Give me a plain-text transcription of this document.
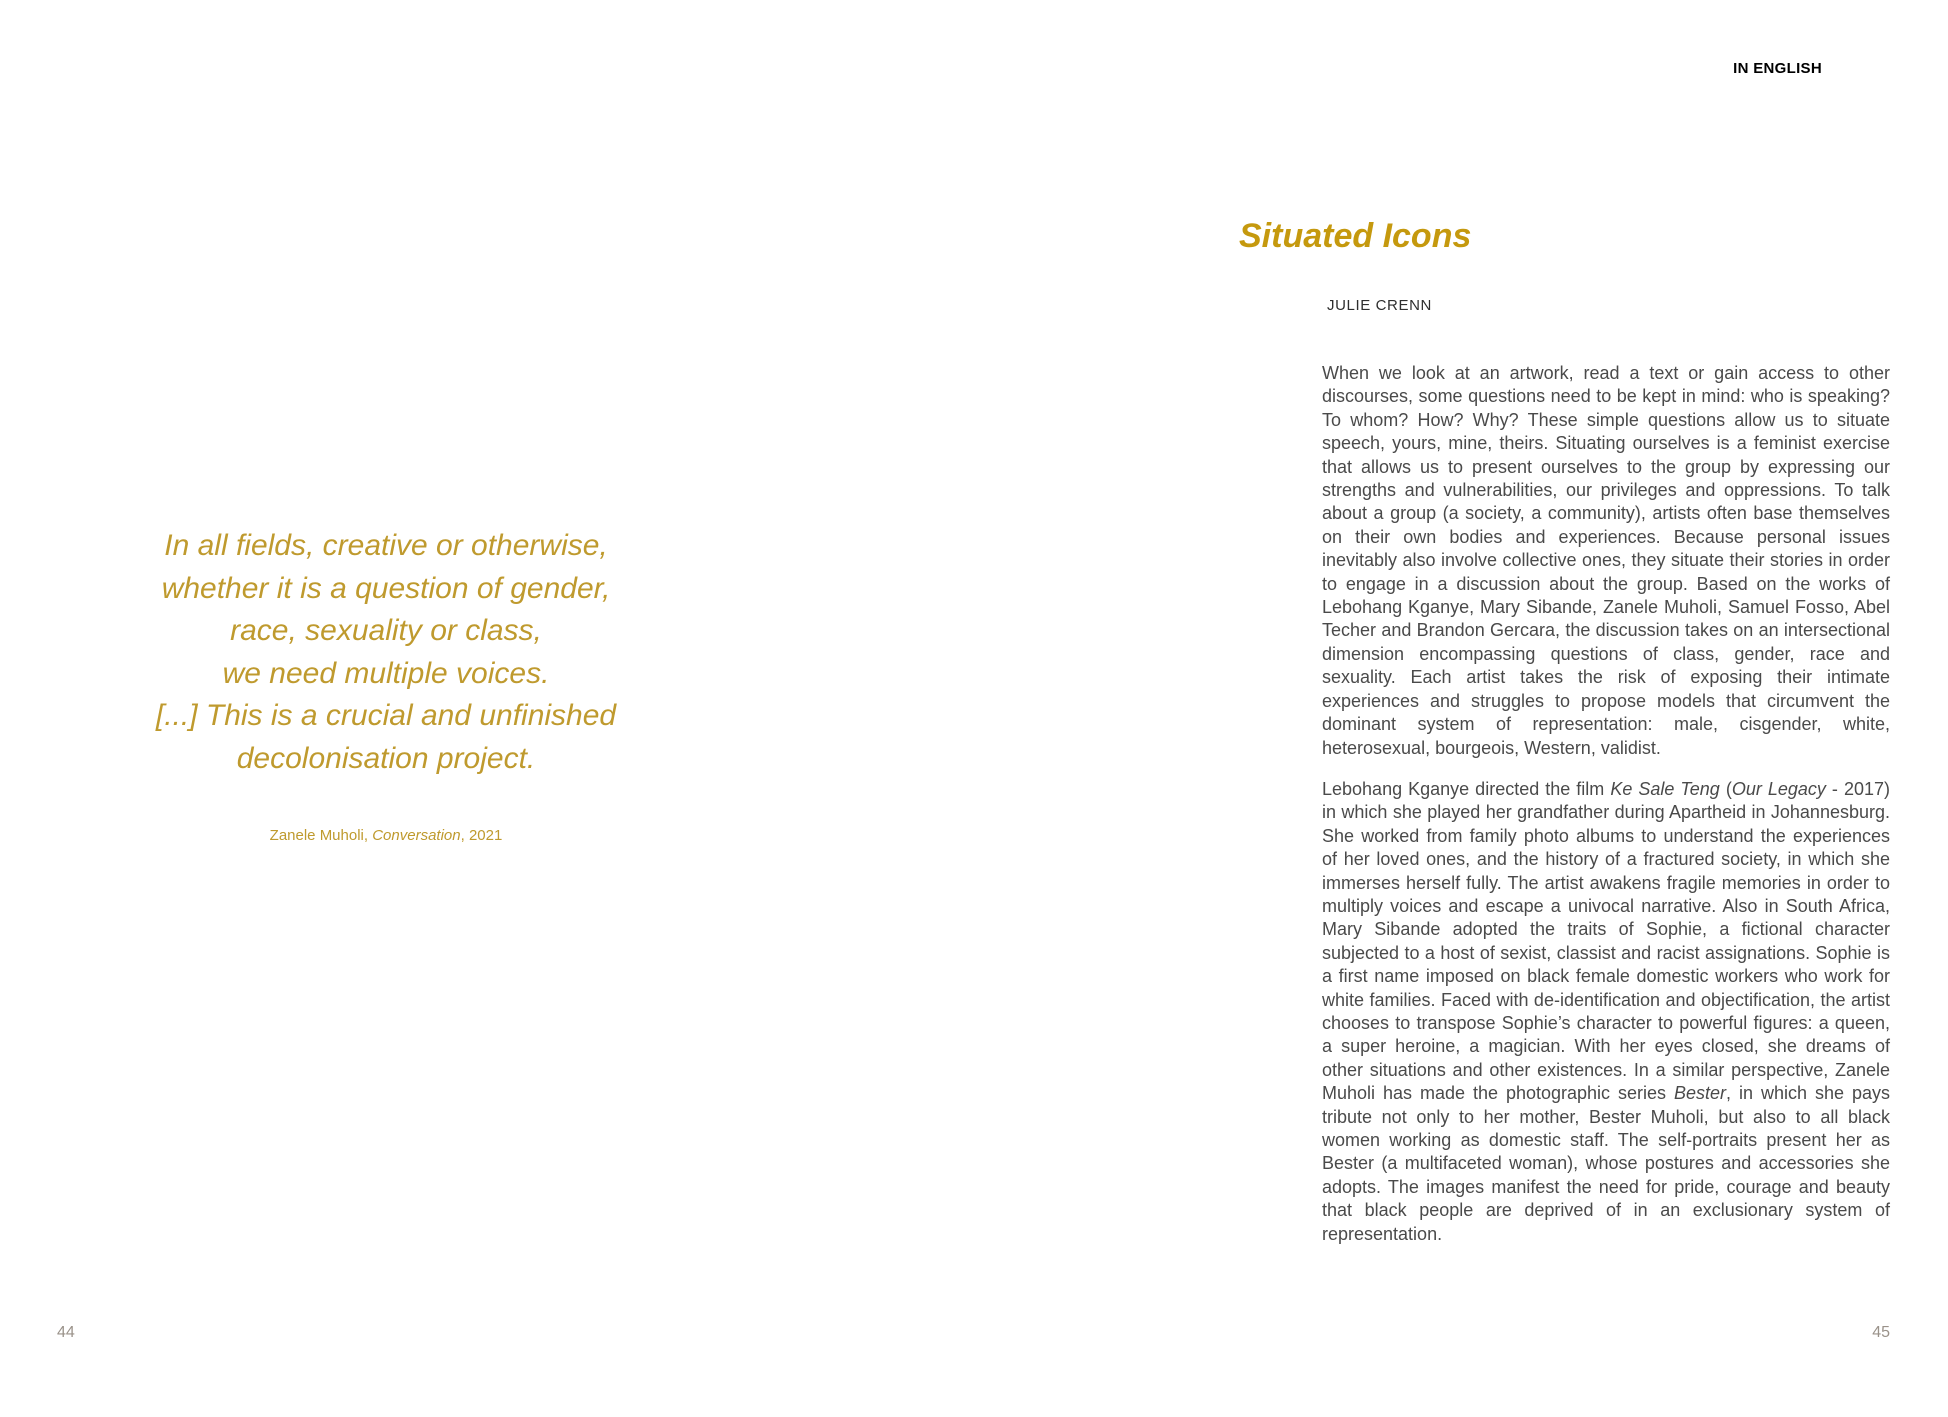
IN ENGLISH
In all fields, creative or otherwise,
whether it is a question of gender,
race, sexuality or class,
we need multiple voices.
[...] This is a crucial and unfinished
decolonisation project.
Zanele Muholi, Conversation, 2021
44
Situated Icons
JULIE CRENN

When we look at an artwork, read a text or gain access to other discourses, some questions need to be kept in mind: who is speaking? To whom? How? Why? These simple questions allow us to situate speech, yours, mine, theirs. Situating ourselves is a feminist exercise that allows us to present ourselves to the group by expressing our strengths and vulnerabilities, our privileges and oppressions. To talk about a group (a society, a community), artists often base themselves on their own bodies and experiences. Because personal issues inevitably also involve collective ones, they situate their stories in order to engage in a discussion about the group. Based on the works of Lebohang Kganye, Mary Sibande, Zanele Muholi, Samuel Fosso, Abel Techer and Brandon Gercara, the discussion takes on an intersectional dimension encompassing questions of class, gender, race and sexuality. Each artist takes the risk of exposing their intimate experiences and struggles to propose models that circumvent the dominant system of representation: male, cisgender, white, heterosexual, bourgeois, Western, validist.

Lebohang Kganye directed the film Ke Sale Teng (Our Legacy - 2017) in which she played her grandfather during Apartheid in Johannesburg. She worked from family photo albums to understand the experiences of her loved ones, and the history of a fractured society, in which she immerses herself fully. The artist awakens fragile memories in order to multiply voices and escape a univocal narrative. Also in South Africa, Mary Sibande adopted the traits of Sophie, a fictional character subjected to a host of sexist, classist and racist assignations. Sophie is a first name imposed on black female domestic workers who work for white families. Faced with de-identification and objectification, the artist chooses to transpose Sophie’s character to powerful figures: a queen, a super heroine, a magician. With her eyes closed, she dreams of other situations and other existences. In a similar perspective, Zanele Muholi has made the photographic series Bester, in which she pays tribute not only to her mother, Bester Muholi, but also to all black women working as domestic staff. The self-portraits present her as Bester (a multifaceted woman), whose postures and accessories she adopts. The images manifest the need for pride, courage and beauty that black people are deprived of in an exclusionary system of representation.

45
